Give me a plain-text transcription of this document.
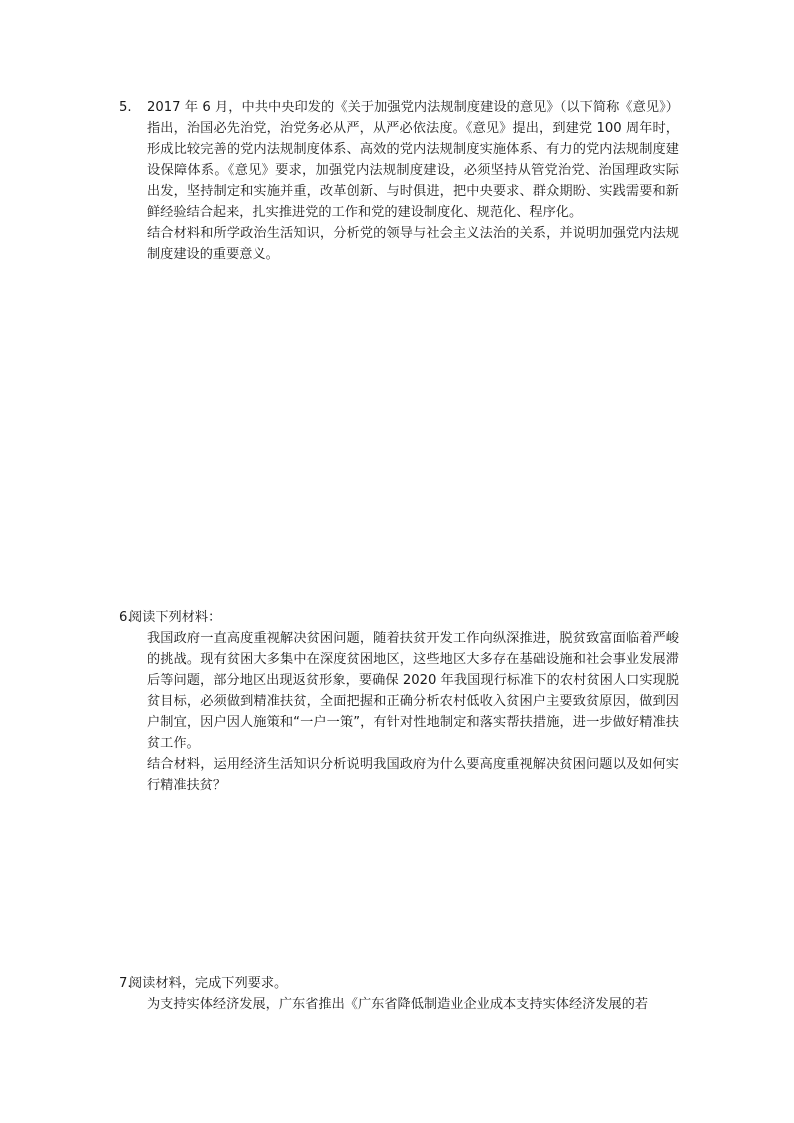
5. 2017 年 6 月，中共中央印发的《关于加强党内法规制度建设的意见》（以下简称《意见》）指出，治国必先治党，治党务必从严，从严必依法度。《意见》提出，到建党 100 周年时，形成比较完善的党内法规制度体系、高效的党内法规制度实施体系、有力的党内法规制度建设保障体系。《意见》要求，加强党内法规制度建设，必须坚持从管党治党、治国理政实际出发，坚持制定和实施并重，改革创新、与时俱进，把中央要求、群众期盼、实践需要和新鲜经验结合起来，扎实推进党的工作和党的建设制度化、规范化、程序化。

结合材料和所学政治生活知识，分析党的领导与社会主义法治的关系，并说明加强党内法规制度建设的重要意义。

6.阅读下列材料：

我国政府一直高度重视解决贫困问题，随着扶贫开发工作向纵深推进，脱贫致富面临着严峻的挑战。现有贫困大多集中在深度贫困地区，这些地区大多存在基础设施和社会事业发展滞后等问题，部分地区出现返贫形象，要确保 2020 年我国现行标准下的农村贫困人口实现脱贫目标，必须做到精准扶贫，全面把握和正确分析农村低收入贫困户主要致贫原因，做到因户制宜，因户因人施策和“一户一策”，有针对性地制定和落实帮扶措施，进一步做好精准扶贫工作。

结合材料，运用经济生活知识分析说明我国政府为什么要高度重视解决贫困问题以及如何实行精准扶贫？

7.阅读材料，完成下列要求。

为支持实体经济发展，广东省推出《广东省降低制造业企业成本支持实体经济发展的若
